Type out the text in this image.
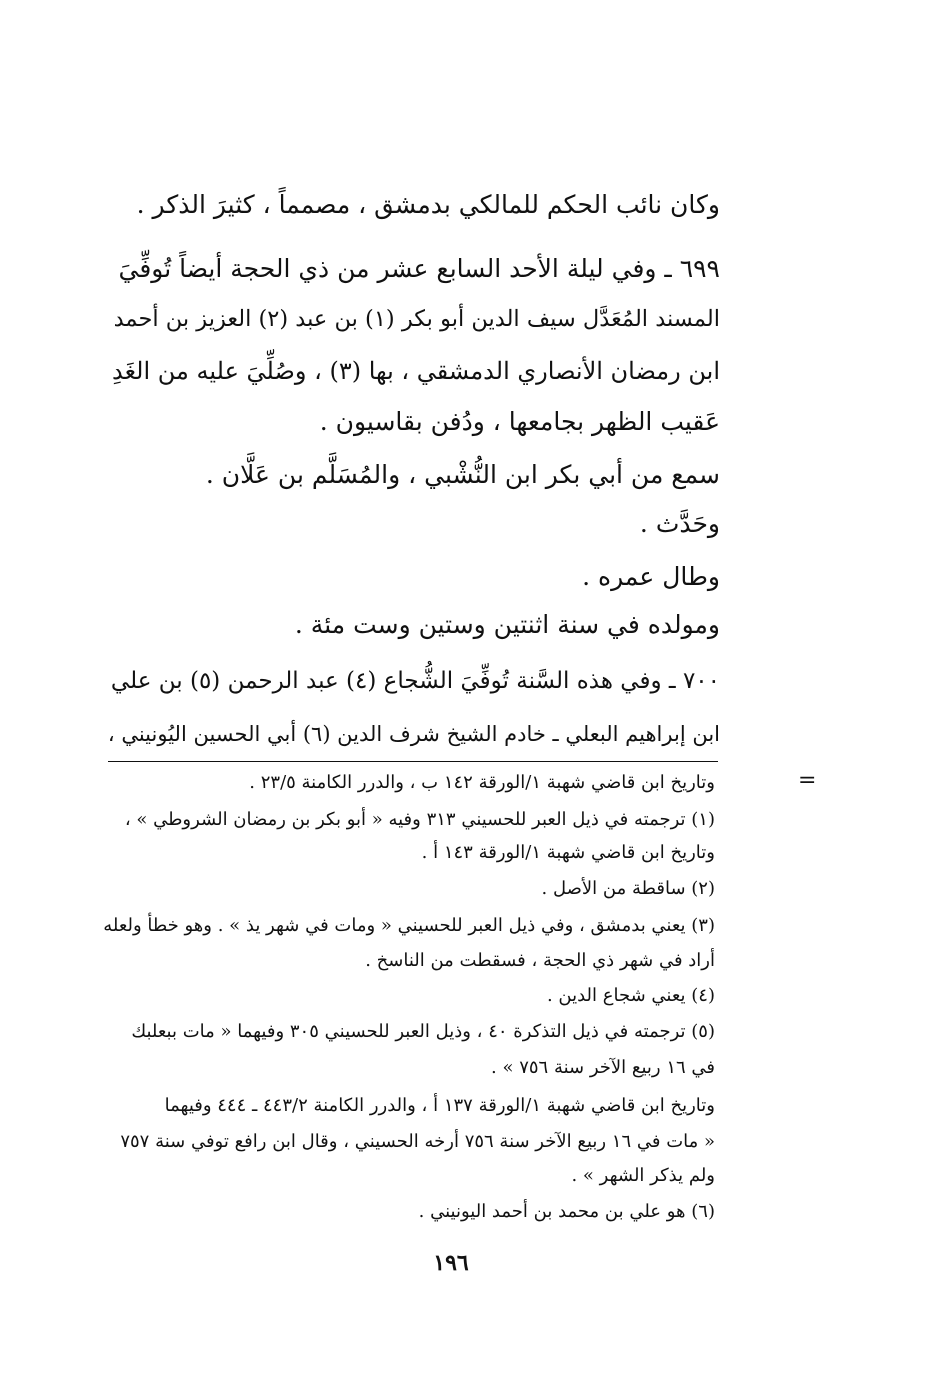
وكان نائب الحكم للمالكي بدمشق ، مصمماً ، كثيرَ الذكر .
٦٩٩ ـ وفي ليلة الأحد السابع عشر من ذي الحجة أيضاً تُوفِّيَ
المسند المُعَدَّل سيف الدين أبو بكر (١) بن عبد (٢) العزيز بن أحمد
ابن رمضان الأنصاري الدمشقي ، بها (٣) ، وصُلِّيَ عليه من الغَدِ
عَقيب الظهر بجامعها ، ودُفن بقاسيون .
سمع من أبي بكر ابن النُّشْبي ، والمُسَلَّم بن عَلَّان .
وحَدَّث .
وطال عمره .
ومولده في سنة اثنتين وستين وست مئة .
٧٠٠ ـ وفي هذه السَّنة تُوفِّيَ الشُّجاع (٤) عبد الرحمن (٥) بن علي
ابن إبراهيم البعلي ـ خادم الشيخ شرف الدين (٦) أبي الحسين اليُونيني ،
=
وتاريخ ابن قاضي شهبة ١/الورقة ١٤٢ ب ، والدرر الكامنة ٢٣/٥ .
(١) ترجمته في ذيل العبر للحسيني ٣١٣ وفيه « أبو بكر بن رمضان الشروطي » ،
وتاريخ ابن قاضي شهبة ١/الورقة ١٤٣ أ .
(٢) ساقطة من الأصل .
(٣) يعني بدمشق ، وفي ذيل العبر للحسيني « ومات في شهر يذ » . وهو خطأ ولعله
أراد في شهر ذي الحجة ، فسقطت من الناسخ .
(٤) يعني شجاع الدين .
(٥) ترجمته في ذيل التذكرة ٤٠ ، وذيل العبر للحسيني ٣٠٥ وفيهما « مات ببعلبك
في ١٦ ربيع الآخر سنة ٧٥٦ » .
وتاريخ ابن قاضي شهبة ١/الورقة ١٣٧ أ ، والدرر الكامنة ٤٤٣/٢ ـ ٤٤٤ وفيهما
« مات في ١٦ ربيع الآخر سنة ٧٥٦ أرخه الحسيني ، وقال ابن رافع توفي سنة ٧٥٧
ولم يذكر الشهر » .
(٦) هو علي بن محمد بن أحمد اليونيني .
١٩٦
